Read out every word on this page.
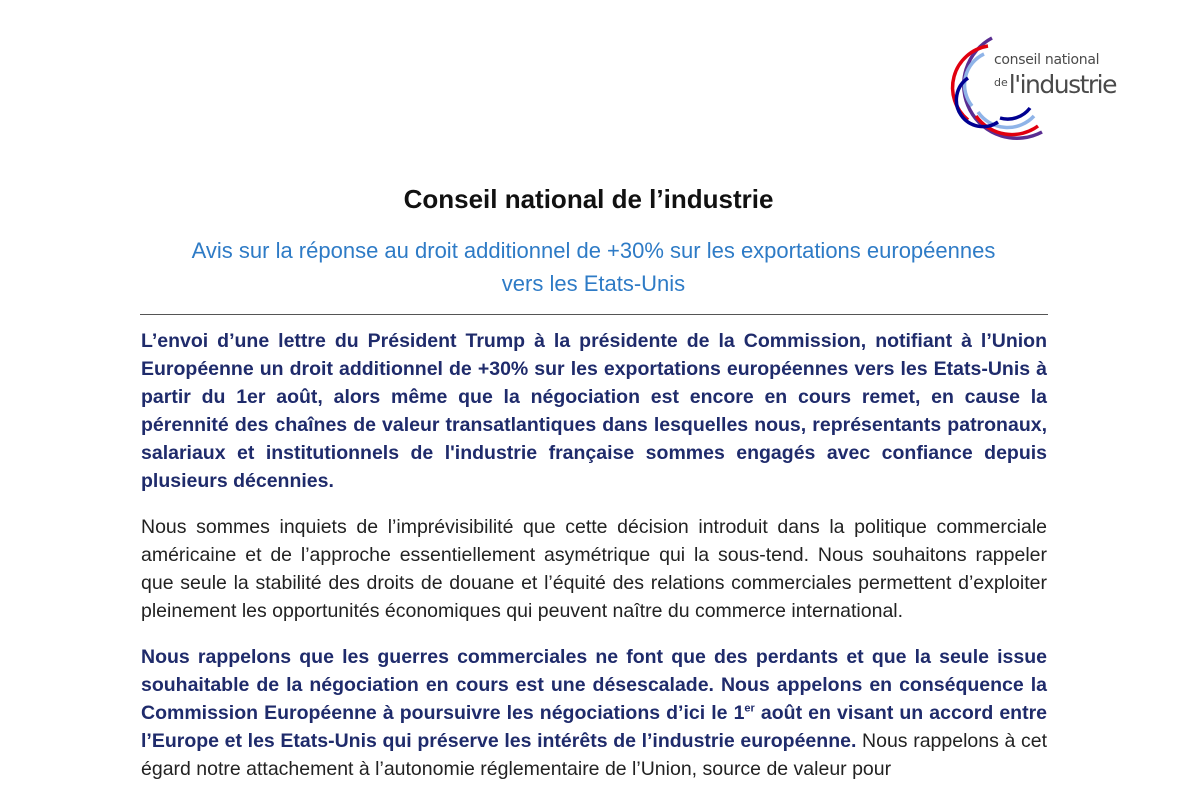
conseil national
$^{de}$l'industrie
Conseil national de l’industrie
Avis sur la réponse au droit additionnel de +30% sur les exportations européennes vers les Etats-Unis

L’envoi d’une lettre du Président Trump à la présidente de la Commission, notifiant à l’Union Européenne un droit additionnel de +30% sur les exportations européennes vers les Etats-Unis à partir du 1er août, alors même que la négociation est encore en cours remet, en cause la pérennité des chaînes de valeur transatlantiques dans lesquelles nous, représentants patronaux, salariaux et institutionnels de l'industrie française sommes engagés avec confiance depuis plusieurs décennies.

Nous sommes inquiets de l’imprévisibilité que cette décision introduit dans la politique commerciale américaine et de l’approche essentiellement asymétrique qui la sous-tend. Nous souhaitons rappeler que seule la stabilité des droits de douane et l’équité des relations commerciales permettent d’exploiter pleinement les opportunités économiques qui peuvent naître du commerce international.

Nous rappelons que les guerres commerciales ne font que des perdants et que la seule issue souhaitable de la négociation en cours est une désescalade. Nous appelons en conséquence la Commission Européenne à poursuivre les négociations d’ici le 1er août en visant un accord entre l’Europe et les Etats-Unis qui préserve les intérêts de l’industrie européenne. Nous rappelons à cet égard notre attachement à l’autonomie réglementaire de l’Union, source de valeur pour
